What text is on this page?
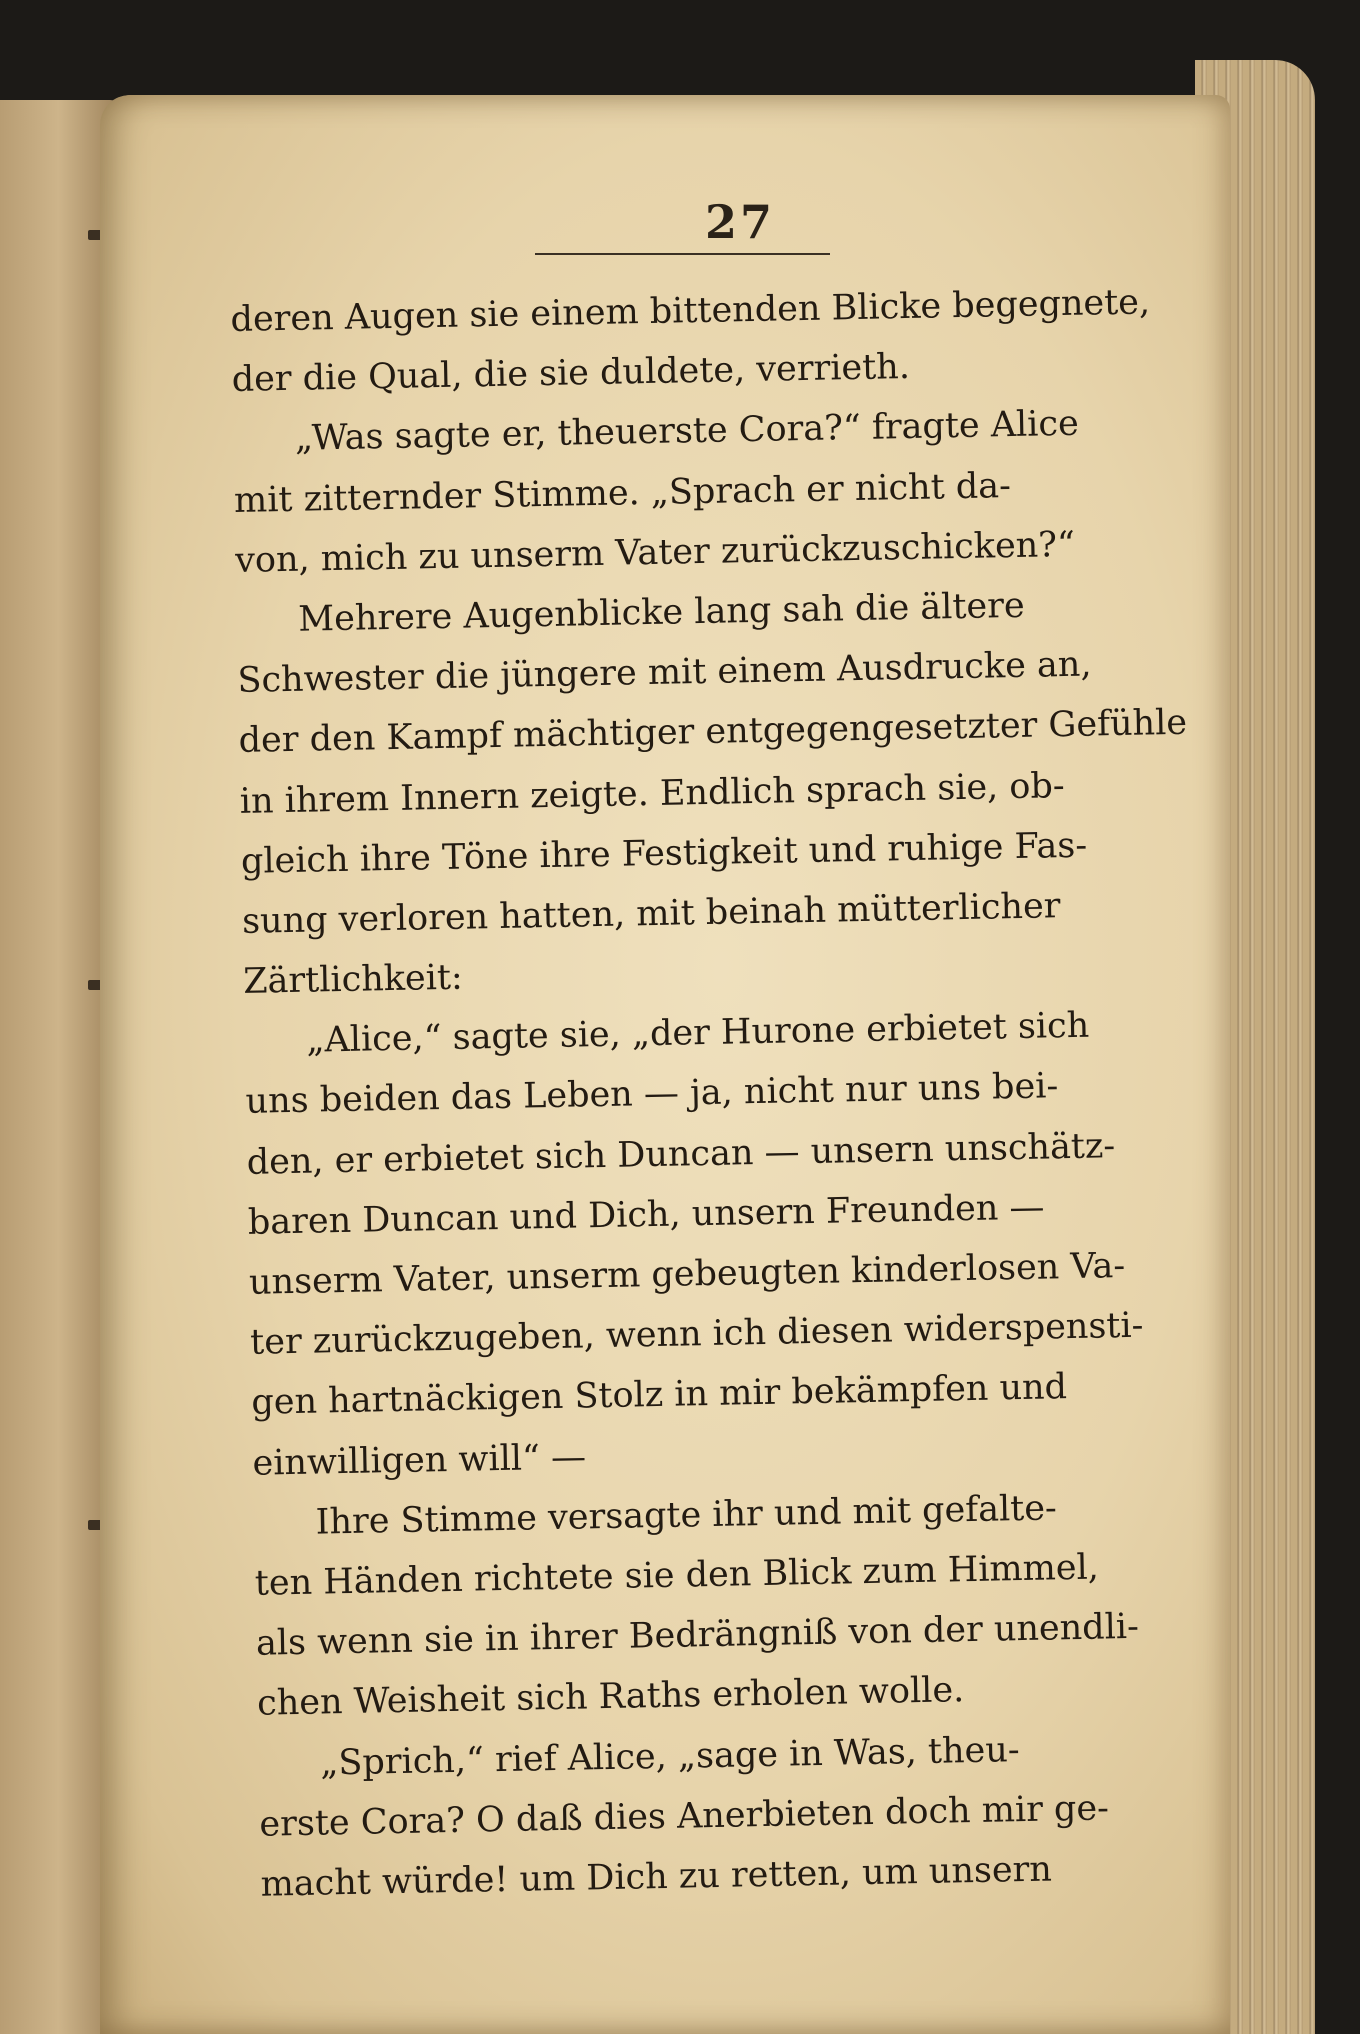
27
deren Augen sie einem bittenden Blicke begegnete,
der die Qual, die sie duldete, verrieth.
„Was sagte er, theuerste Cora?“ fragte Alice
mit zitternder Stimme. „Sprach er nicht da-
von, mich zu unserm Vater zurückzuschicken?“
Mehrere Augenblicke lang sah die ältere
Schwester die jüngere mit einem Ausdrucke an,
der den Kampf mächtiger entgegengesetzter Gefühle
in ihrem Innern zeigte. Endlich sprach sie, ob-
gleich ihre Töne ihre Festigkeit und ruhige Fas-
sung verloren hatten, mit beinah mütterlicher
Zärtlichkeit:
„Alice,“ sagte sie, „der Hurone erbietet sich
uns beiden das Leben — ja, nicht nur uns bei-
den, er erbietet sich Duncan — unsern unschätz-
baren Duncan und Dich, unsern Freunden —
unserm Vater, unserm gebeugten kinderlosen Va-
ter zurückzugeben, wenn ich diesen widerspensti-
gen hartnäckigen Stolz in mir bekämpfen und
einwilligen will“ —
Ihre Stimme versagte ihr und mit gefalte-
ten Händen richtete sie den Blick zum Himmel,
als wenn sie in ihrer Bedrängniß von der unendli-
chen Weisheit sich Raths erholen wolle.
„Sprich,“ rief Alice, „sage in Was, theu-
erste Cora? O daß dies Anerbieten doch mir ge-
macht würde! um Dich zu retten, um unsern
